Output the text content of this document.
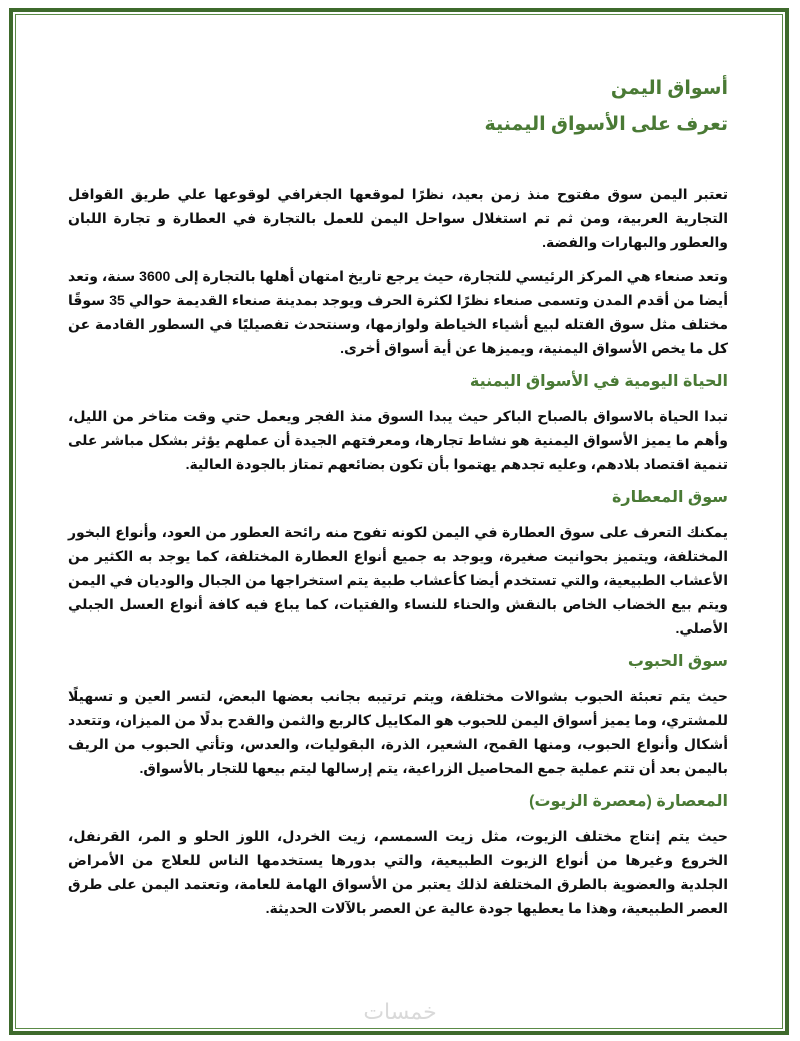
أسواق اليمن
تعرف على الأسواق اليمنية

تعتبر اليمن سوق مفتوح منذ زمن بعيد، نظرًا لموقعها الجغرافي لوقوعها علي طريق القوافل التجارية العربية، ومن ثم تم استغلال سواحل اليمن للعمل بالتجارة في العطارة و تجارة اللبان والعطور والبهارات والفضة.

وتعد صنعاء هي المركز الرئيسي للتجارة، حيث يرجع تاريخ امتهان أهلها بالتجارة إلى 3600 سنة، وتعد أيضا من أقدم المدن وتسمى صنعاء نظرًا لكثرة الحرف ويوجد بمدينة صنعاء القديمة حوالي 35 سوقًا مختلف مثل سوق الفتله لبيع أشياء الخياطة ولوازمها، وسنتحدث تفصيليًا في السطور القادمة عن كل ما يخص الأسواق اليمنية، ويميزها عن أية أسواق أخرى.

الحياة اليومية في الأسواق اليمنية

تبدا الحياة بالاسواق بالصباح الباكر حيث يبدا السوق منذ الفجر ويعمل حتي وقت متاخر من الليل، وأهم ما يميز الأسواق اليمنية هو نشاط تجارها، ومعرفتهم الجيدة أن عملهم يؤثر بشكل مباشر على تنمية اقتصاد بلادهم، وعليه تجدهم يهتموا بأن تكون بضائعهم تمتاز بالجودة العالية.

سوق المعطارة

يمكنك التعرف على سوق العطارة في اليمن لكونه تفوح منه رائحة العطور من العود، وأنواع البخور المختلفة، ويتميز بحوانيت صغيرة، ويوجد به جميع أنواع العطارة المختلفة، كما يوجد به الكثير من الأعشاب الطبيعية، والتي تستخدم أيضا كأعشاب طبية يتم استخراجها من الجبال والوديان في اليمن ويتم بيع الخضاب الخاص بالنقش والحناء للنساء والفتيات، كما يباع فيه كافة أنواع العسل الجبلي الأصلي.

سوق الحبوب

حيث يتم تعبئة الحبوب بشوالات مختلفة، ويتم ترتيبه بجانب بعضها البعض، لتسر العين و تسهيلًا للمشتري، وما يميز أسواق اليمن للحبوب هو المكاييل كالربع والثمن والقدح بدلًا من الميزان، وتتعدد أشكال وأنواع الحبوب، ومنها القمح، الشعير، الذرة، البقوليات، والعدس، وتأتي الحبوب من الريف باليمن بعد أن تتم عملية جمع المحاصيل الزراعية، يتم إرسالها ليتم بيعها للتجار بالأسواق.

المعصارة (معصرة الزيوت)

حيث يتم إنتاج مختلف الزيوت، مثل زيت السمسم، زيت الخردل، اللوز الحلو و المر، القرنفل، الخروع وغيرها من أنواع الزيوت الطبيعية، والتي بدورها يستخدمها الناس للعلاج من الأمراض الجلدية والعضوية بالطرق المختلفة لذلك يعتبر من الأسواق الهامة للعامة، وتعتمد اليمن على طرق العصر الطبيعية، وهذا ما يعطيها جودة عالية عن العصر بالآلات الحديثة.

خمسات
